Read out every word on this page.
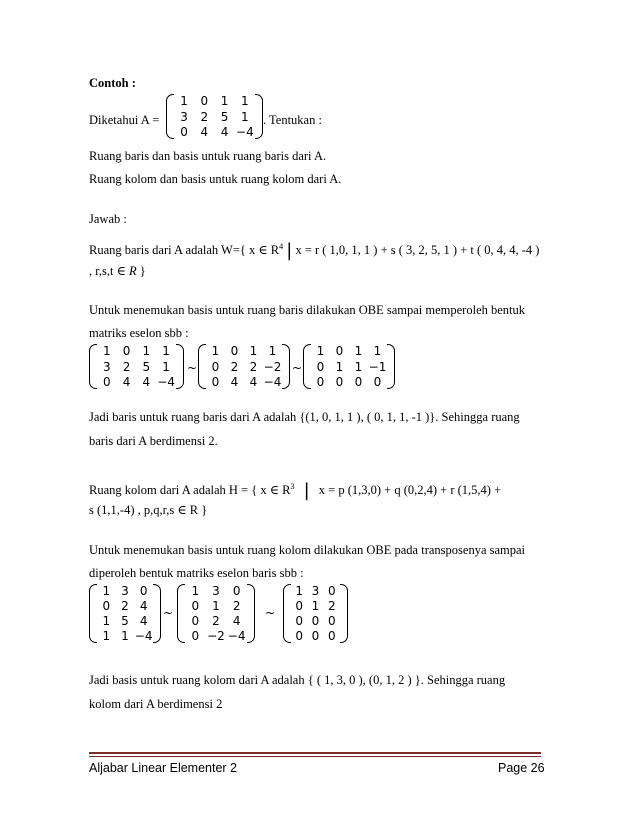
Contoh :
Diketahui A =
1	0	1	1
3	2	5	1
0	4	4 −4
. Tentukan :
Ruang baris dan basis untuk ruang baris dari A.
Ruang kolom dan basis untuk ruang kolom dari A.
Jawab :
Ruang baris dari A adalah W={ x ∈ $R^4$ | x = r ( 1,0, 1, 1 ) + s ( 3, 2, 5, 1 ) + t ( 0, 4, 4, -4 )
, r,s,t ∈ R }
Untuk menemukan basis untuk ruang baris dilakukan OBE sampai memperoleh bentuk
matriks eselon sbb :
1	0	1	1
3	2	5	1
0	4	4 −4
~
1 0 1 1
0 2 2 −2
0 4 4 −4
~
1 0 1 1
0 1 1 −1
0 0 0 0
Jadi baris untuk ruang baris dari A adalah {(1, 0, 1, 1 ), ( 0, 1, 1, -1 )}. Sehingga ruang
baris dari A berdimensi 2.
Ruang kolom dari A adalah H = { x ∈ $R^3$ | x = p (1,3,0) + q (0,2,4) + r (1,5,4) +
s (1,1,-4) , p,q,r,s ∈ R }
Untuk menemukan basis untuk ruang kolom dilakukan OBE pada transposenya sampai
diperoleh bentuk matriks eselon baris sbb :
1 3 0
0 2 4
1 5 4
1 1 −4
~
1	3	0
0	1	2
0	2	4
0 −2 −4
~
1 3 0
0 1 2
0 0 0
0 0 0
Jadi basis untuk ruang kolom dari A adalah { ( 1, 3, 0 ), (0, 1, 2 ) }. Sehingga ruang
kolom dari A berdimensi 2
Aljabar Linear Elementer 2	Page 26
